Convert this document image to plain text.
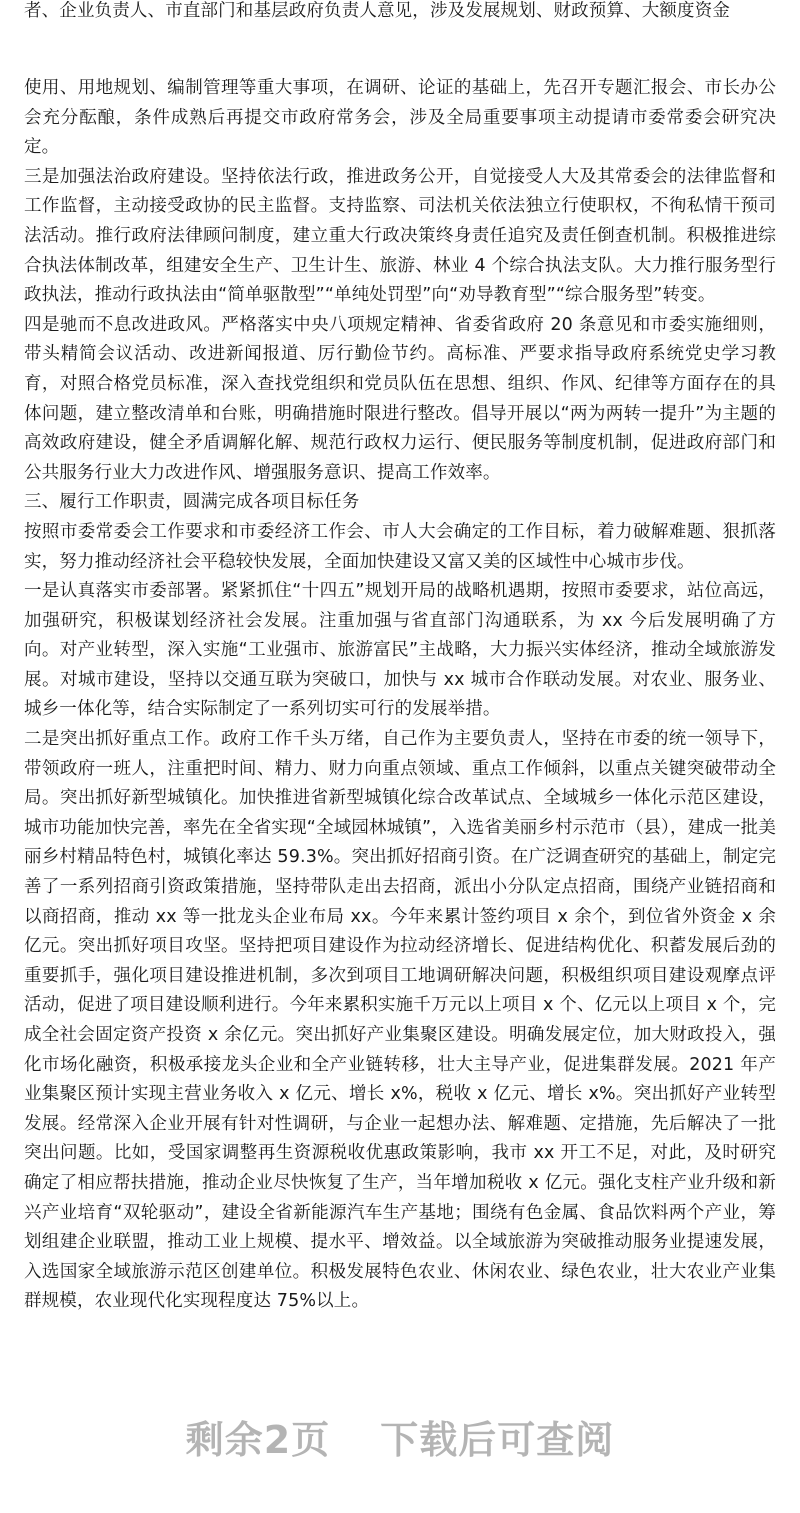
者、企业负责人、市直部门和基层政府负责人意见，涉及发展规划、财政预算、大额度资金

使用、用地规划、编制管理等重大事项，在调研、论证的基础上，先召开专题汇报会、市长办公会充分酝酿，条件成熟后再提交市政府常务会，涉及全局重要事项主动提请市委常委会研究决定。
三是加强法治政府建设。坚持依法行政，推进政务公开，自觉接受人大及其常委会的法律监督和工作监督，主动接受政协的民主监督。支持监察、司法机关依法独立行使职权，不徇私情干预司法活动。推行政府法律顾问制度，建立重大行政决策终身责任追究及责任倒查机制。积极推进综合执法体制改革，组建安全生产、卫生计生、旅游、林业 4 个综合执法支队。大力推行服务型行政执法，推动行政执法由“简单驱散型”“单纯处罚型”向“劝导教育型”“综合服务型”转变。
四是驰而不息改进政风。严格落实中央八项规定精神、省委省政府 20 条意见和市委实施细则，带头精简会议活动、改进新闻报道、厉行勤俭节约。高标准、严要求指导政府系统党史学习教育，对照合格党员标准，深入查找党组织和党员队伍在思想、组织、作风、纪律等方面存在的具体问题，建立整改清单和台账，明确措施时限进行整改。倡导开展以“两为两转一提升”为主题的高效政府建设，健全矛盾调解化解、规范行政权力运行、便民服务等制度机制，促进政府部门和公共服务行业大力改进作风、增强服务意识、提高工作效率。
三、履行工作职责，圆满完成各项目标任务
按照市委常委会工作要求和市委经济工作会、市人大会确定的工作目标，着力破解难题、狠抓落实，努力推动经济社会平稳较快发展，全面加快建设又富又美的区域性中心城市步伐。
一是认真落实市委部署。紧紧抓住“十四五”规划开局的战略机遇期，按照市委要求，站位高远，加强研究，积极谋划经济社会发展。注重加强与省直部门沟通联系，为 xx 今后发展明确了方向。对产业转型，深入实施“工业强市、旅游富民”主战略，大力振兴实体经济，推动全域旅游发展。对城市建设，坚持以交通互联为突破口，加快与 xx 城市合作联动发展。对农业、服务业、城乡一体化等，结合实际制定了一系列切实可行的发展举措。
二是突出抓好重点工作。政府工作千头万绪，自己作为主要负责人，坚持在市委的统一领导下，带领政府一班人，注重把时间、精力、财力向重点领域、重点工作倾斜，以重点关键突破带动全局。突出抓好新型城镇化。加快推进省新型城镇化综合改革试点、全域城乡一体化示范区建设，城市功能加快完善，率先在全省实现“全域园林城镇”，入选省美丽乡村示范市（县），建成一批美丽乡村精品特色村，城镇化率达 59.3%。突出抓好招商引资。在广泛调查研究的基础上，制定完善了一系列招商引资政策措施，坚持带队走出去招商，派出小分队定点招商，围绕产业链招商和以商招商，推动 xx 等一批龙头企业布局 xx。今年来累计签约项目 x 余个，到位省外资金 x 余亿元。突出抓好项目攻坚。坚持把项目建设作为拉动经济增长、促进结构优化、积蓄发展后劲的重要抓手，强化项目建设推进机制，多次到项目工地调研解决问题，积极组织项目建设观摩点评活动，促进了项目建设顺利进行。今年来累积实施千万元以上项目 x 个、亿元以上项目 x 个，完成全社会固定资产投资 x 余亿元。突出抓好产业集聚区建设。明确发展定位，加大财政投入，强化市场化融资，积极承接龙头企业和全产业链转移，壮大主导产业，促进集群发展。2021 年产业集聚区预计实现主营业务收入 x 亿元、增长 x%，税收 x 亿元、增长 x%。突出抓好产业转型发展。经常深入企业开展有针对性调研，与企业一起想办法、解难题、定措施，先后解决了一批突出问题。比如，受国家调整再生资源税收优惠政策影响，我市 xx 开工不足，对此，及时研究确定了相应帮扶措施，推动企业尽快恢复了生产，当年增加税收 x 亿元。强化支柱产业升级和新兴产业培育“双轮驱动”，建设全省新能源汽车生产基地；围绕有色金属、食品饮料两个产业，筹划组建企业联盟，推动工业上规模、提水平、增效益。以全域旅游为突破推动服务业提速发展，入选国家全域旅游示范区创建单位。积极发展特色农业、休闲农业、绿色农业，壮大农业产业集群规模，农业现代化实现程度达 75%以上。
剩余2页 下载后可查阅
